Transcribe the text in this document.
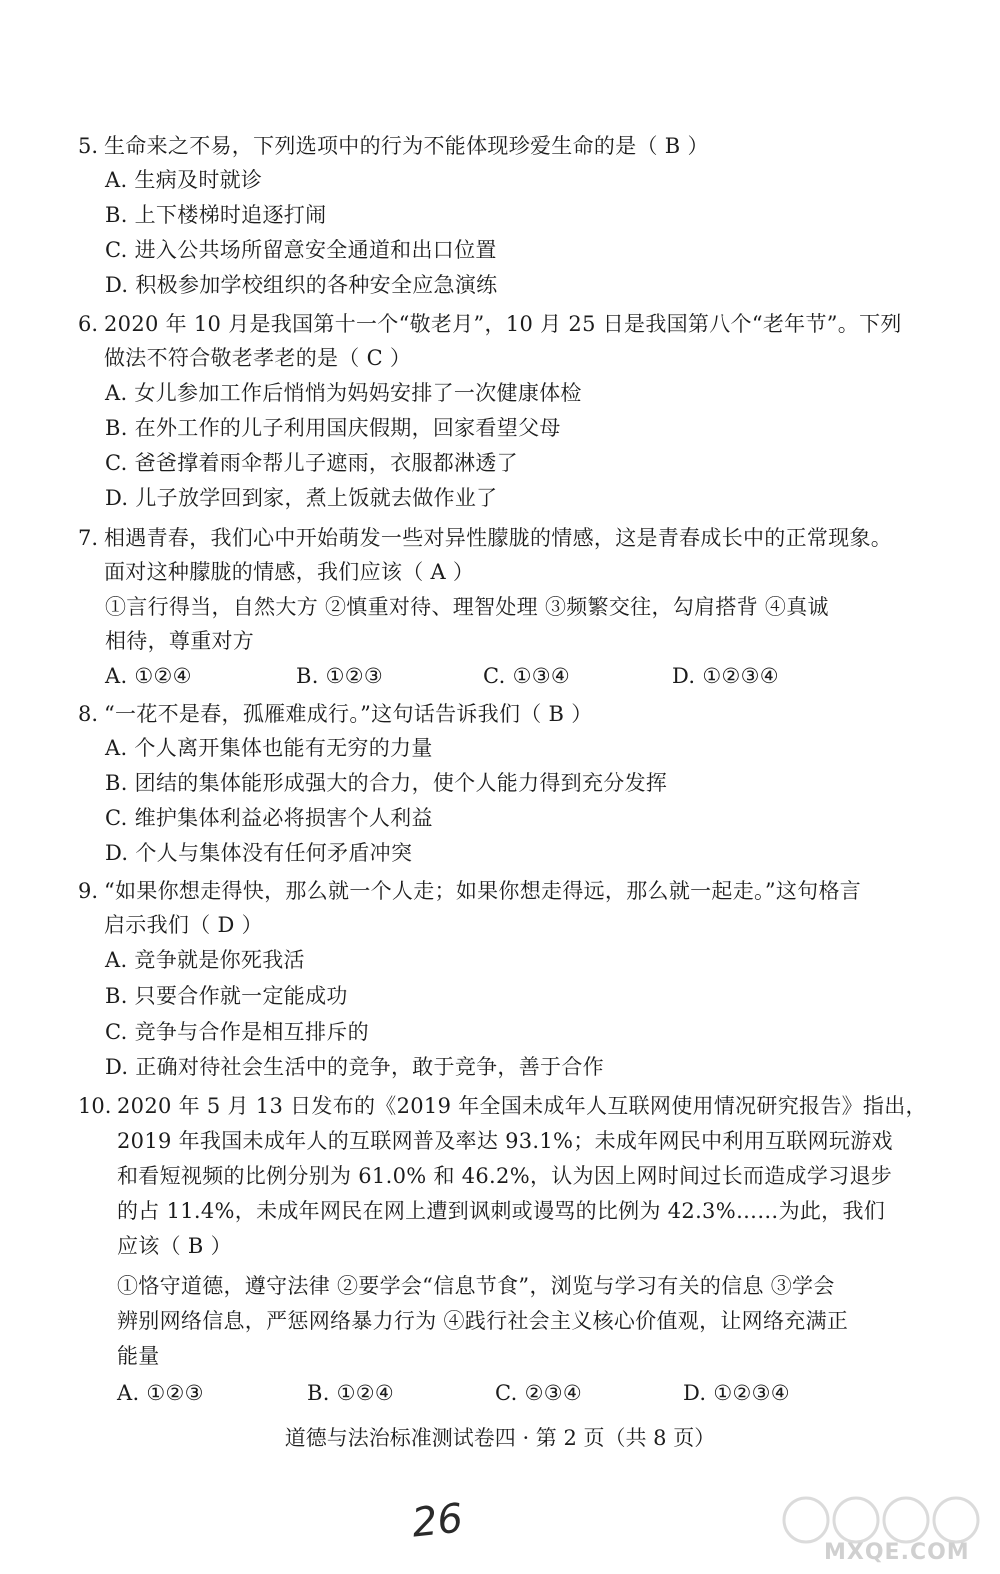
5. 生命来之不易，下列选项中的行为不能体现珍爱生命的是（ B ）
A. 生病及时就诊
B. 上下楼梯时追逐打闹
C. 进入公共场所留意安全通道和出口位置
D. 积极参加学校组织的各种安全应急演练
6. 2020 年 10 月是我国第十一个“敬老月”，10 月 25 日是我国第八个“老年节”。下列
做法不符合敬老孝老的是（ C ）
A. 女儿参加工作后悄悄为妈妈安排了一次健康体检
B. 在外工作的儿子利用国庆假期，回家看望父母
C. 爸爸撑着雨伞帮儿子遮雨，衣服都淋透了
D. 儿子放学回到家，煮上饭就去做作业了
7. 相遇青春，我们心中开始萌发一些对异性朦胧的情感，这是青春成长中的正常现象。
面对这种朦胧的情感，我们应该（ A ）
①言行得当，自然大方 ②慎重对待、理智处理 ③频繁交往，勾肩搭背 ④真诚
相待，尊重对方
A. ①②④	B. ①②③	C. ①③④	D. ①②③④
8. “一花不是春，孤雁难成行。”这句话告诉我们（ B ）
A. 个人离开集体也能有无穷的力量
B. 团结的集体能形成强大的合力，使个人能力得到充分发挥
C. 维护集体利益必将损害个人利益
D. 个人与集体没有任何矛盾冲突
9. “如果你想走得快，那么就一个人走；如果你想走得远，那么就一起走。”这句格言
启示我们（ D ）
A. 竞争就是你死我活
B. 只要合作就一定能成功
C. 竞争与合作是相互排斥的
D. 正确对待社会生活中的竞争，敢于竞争，善于合作
10. 2020 年 5 月 13 日发布的《2019 年全国未成年人互联网使用情况研究报告》指出，
2019 年我国未成年人的互联网普及率达 93.1%；未成年网民中利用互联网玩游戏
和看短视频的比例分别为 61.0% 和 46.2%，认为因上网时间过长而造成学习退步
的占 11.4%，未成年网民在网上遭到讽刺或谩骂的比例为 42.3%……为此，我们
应该（ B ）
①恪守道德，遵守法律 ②要学会“信息节食”，浏览与学习有关的信息 ③学会
辨别网络信息，严惩网络暴力行为 ④践行社会主义核心价值观，让网络充满正
能量
A. ①②③	B. ①②④	C. ②③④	D. ①②③④
道德与法治标准测试卷四 · 第 2 页（共 8 页）
26
MXQE.COM
